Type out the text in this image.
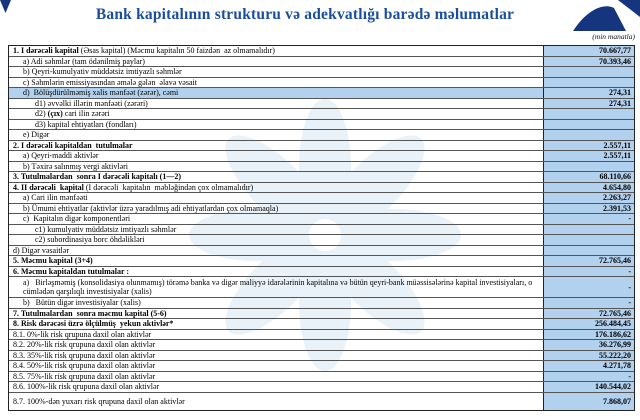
Bank kapitalının strukturu və adekvatlığı barədə məlumatlar
(min manatla)
1. I dərəcəli kapital (Əsas kapital) (Məcmu kapitalın 50 faizdən  az olmamalıdır)	70.667,77
a) Adi səhmlər (tam ödənilmiş paylar)	70.393,46
b) Qeyri-kumulyativ müddətsiz imtiyazlı səhmlər
c) Səhmlərin emissiyasından əmələ gələn  əlavə vəsait
d)  Bölüşdürülməmiş xalis mənfəət (zərər), cəmi	274,31
d1) əvvəlki illərin mənfəəti (zərəri)	274,31
d2) (çıx) cari ilin zərəri
d3) kapital ehtiyatları (fondları)
e) Digər
2. I dərəcəli kapitaldan  tutulmalar	2.557,11
a) Qeyri-maddi aktivlər	2.557,11
b) Təxirə salınmış vergi aktivləri
3. Tutulmalardan  sonra I dərəcəli kapitalı (1—2)	68.110,66
4. II dərəcəli  kapital (I dərəcəli  kapitalın  məbləğindən çox olmamalıdır)	4.654,80
a) Cari ilin mənfəəti	2.263,27
b) Ümumi ehtiyatlar (aktivlər üzrə yaradılmış adi ehtiyatlardan çox olmamaqla)	2.391,53
c)  Kapitalın digər komponentləri	-
c1) kumulyativ müddətsiz imtiyazlı səhmlər
c2) subordinasiya borc öhdəlikləri
d) Digər vəsaitlər
5. Məcmu kapital (3+4)	72.765,46
6. Məcmu kapitaldan tutulmalar :	-
a)   Birləşməmiş (konsolidasiya olunmamış) törəmə banka və digər maliyyə idarələrinin kapitalına və bütün qeyri-bank müəssisələrinə kapital investisiyaları, o cümlədən qarşılıqlı investisiyalar (xalis)	-
b)   Bütün digər investisiyalar (xalis)	-
7. Tutulmalardan  sonra məcmu kapital (5-6)	72.765,46
8. Risk dərəcəsi üzrə ölçülmüş  yekun aktivlər*	256.484,45
8.1. 0%-lik risk qrupuna daxil olan aktivlər	176.186,62
8.2. 20%-lik risk qrupuna daxil olan aktivlər	36.276,99
8.3. 35%-lik risk qrupuna daxil olan aktivlər	55.222,20
8.4. 50%-lik risk qrupuna daxil olan aktivlər	4.271,78
8.5. 75%-lik risk qrupuna daxil olan aktivlər	-
8.6. 100%-lik risk qrupuna daxil olan aktivlər	140.544,02
8.7. 100%-dən yuxarı risk qrupuna daxil olan aktivlər	7.868,07
